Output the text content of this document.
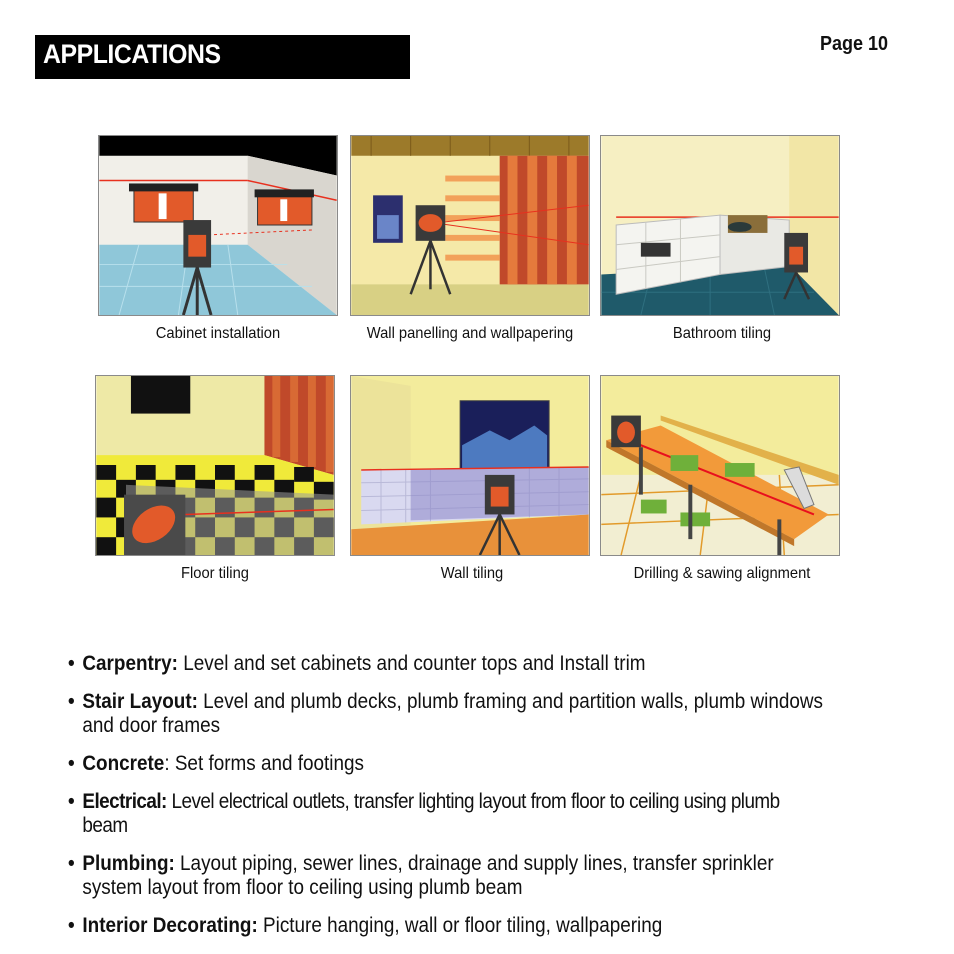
APPLICATIONS	Page 10
Cabinet installation	Wall panelling and wallpapering	Bathroom tiling
Floor tiling	Wall tiling	Drilling & sawing alignment
• Carpentry: Level and set cabinets and counter tops and Install trim
• Stair Layout: Level and plumb decks, plumb framing and partition walls, plumb windows and door frames
• Concrete: Set forms and footings
• Electrical: Level electrical outlets, transfer lighting layout from floor to ceiling using plumb beam
• Plumbing: Layout piping, sewer lines, drainage and supply lines, transfer sprinkler system layout from floor to ceiling using plumb beam
• Interior Decorating: Picture hanging, wall or floor tiling, wallpapering
